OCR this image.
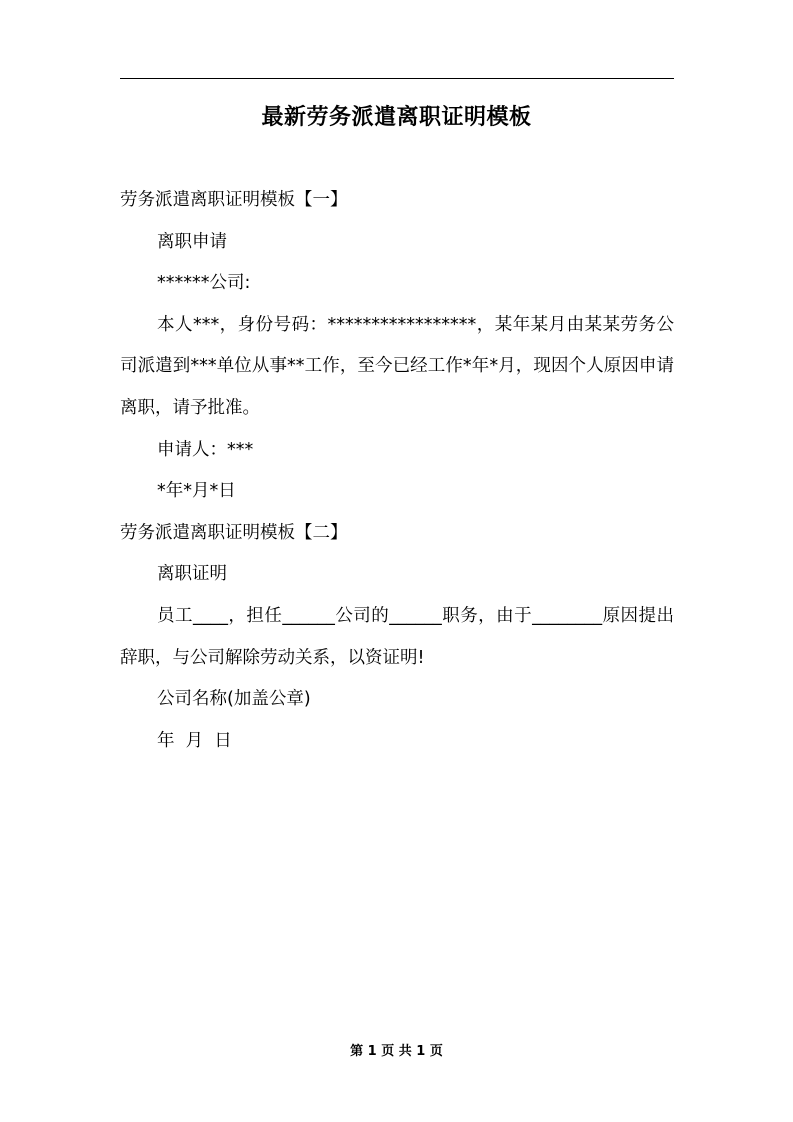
最新劳务派遣离职证明模板

劳务派遣离职证明模板【一】

离职申请

******公司:

本人***，身份号码：*****************，某年某月由某某劳务公司派遣到***单位从事**工作，至今已经工作*年*月，现因个人原因申请离职，请予批准。

申请人：***

*年*月*日

劳务派遣离职证明模板【二】

离职证明

员工____，担任______公司的______职务，由于________原因提出辞职，与公司解除劳动关系，以资证明!

公司名称(加盖公章)

年  月  日

第 1 页 共 1 页
